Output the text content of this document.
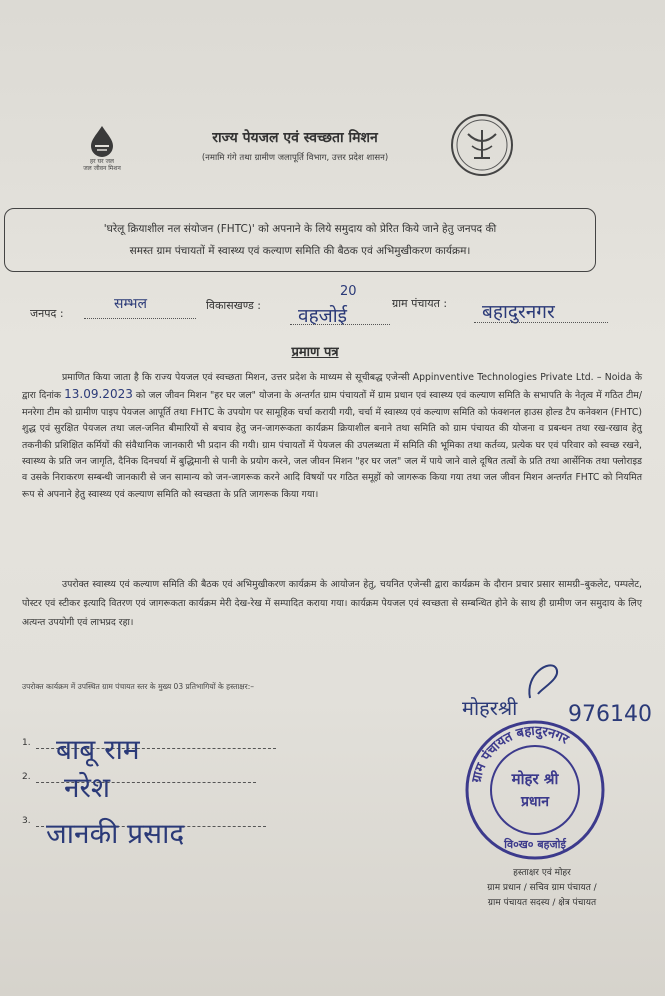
हर घर जल
जल जीवन मिशन
राज्य पेयजल एवं स्वच्छता मिशन
(नमामि गंगे तथा ग्रामीण जलापूर्ति विभाग, उत्तर प्रदेश शासन)
'घरेलू क्रियाशील नल संयोजन (FHTC)' को अपनाने के लिये समुदाय को प्रेरित किये जाने हेतु जनपद की
समस्त ग्राम पंचायतों में स्वास्थ्य एवं कल्याण समिति की बैठक एवं अभिमुखीकरण कार्यक्रम।
जनपद :
सम्भल	विकासखण्ड :
20
वहजोई
ग्राम पंचायत : बहादुरनगर
प्रमाण पत्र
प्रमाणित किया जाता है कि राज्य पेयजल एवं स्वच्छता मिशन, उत्तर प्रदेश के माध्यम से सूचीबद्ध एजेन्सी Appinventive Technologies Private Ltd. – Noida के द्वारा दिनांक 13.09.2023 को जल जीवन मिशन "हर घर जल" योजना के अन्तर्गत ग्राम पंचायतों में ग्राम प्रधान एवं स्वास्थ्य एवं कल्याण समिति के सभापति के नेतृत्व में गठित टीम/मनरेगा टीम को ग्रामीण पाइप पेयजल आपूर्ति तथा FHTC के उपयोग पर सामूहिक चर्चा करायी गयी, चर्चा में स्वास्थ्य एवं कल्याण समिति को फंक्शनल हाउस होल्ड टैप कनेक्शन (FHTC) शुद्ध एवं सुरक्षित पेयजल तथा जल-जनित बीमारियों से बचाव हेतु जन-जागरूकता कार्यक्रम क्रियाशील बनाने तथा समिति को ग्राम पंचायत की योजना व प्रबन्धन तथा रख-रखाव हेतु तकनीकी प्रशिक्षित कर्मियों की संवैधानिक जानकारी भी प्रदान की गयी। ग्राम पंचायतों में पेयजल की उपलब्धता में समिति की भूमिका तथा कर्तव्य, प्रत्येक घर एवं परिवार को स्वच्छ रखने, स्वास्थ्य के प्रति जन जागृति, दैनिक दिनचर्या में बुद्धिमानी से पानी के प्रयोग करने, जल जीवन मिशन "हर घर जल" जल में पाये जाने वाले दूषित तत्वों के प्रति तथा आर्सेनिक तथा फ्लोराइड व उसके निराकरण सम्बन्धी जानकारी से जन सामान्य को जन-जागरूक करने आदि विषयों पर गठित समूहों को जागरूक किया गया तथा जल जीवन मिशन अन्तर्गत FHTC को नियमित रूप से अपनाने हेतु स्वास्थ्य एवं कल्याण समिति को स्वच्छता के प्रति जागरूक किया गया।
उपरोक्त स्वास्थ्य एवं कल्याण समिति की बैठक एवं अभिमुखीकरण कार्यक्रम के आयोजन हेतु, चयनित एजेन्सी द्वारा कार्यक्रम के दौरान प्रचार प्रसार सामग्री–बुकलेट, पम्पलेट, पोस्टर एवं स्टीकर इत्यादि वितरण एवं जागरूकता कार्यक्रम मेरी देख-रेख में सम्पादित कराया गया। कार्यक्रम पेयजल एवं स्वच्छता से सम्बन्धित होने के साथ ही ग्रामीण जन समुदाय के लिए अत्यन्त उपयोगी एवं लाभप्रद रहा।
उपरोक्त कार्यक्रम में उपस्थित ग्राम पंचायत स्तर के मुख्य 03 प्रतिभागियों के हस्ताक्षर:–
1. बाबू राम
2. नरेश
3. जानकी प्रसाद
मोहरश्री 976140
ग्राम पंचायत बहादुरनगर
मोहर श्री
प्रधान
वि०ख० बहजोई
हस्ताक्षर एवं मोहर
ग्राम प्रधान / सचिव ग्राम पंचायत /
ग्राम पंचायत सदस्य / क्षेत्र पंचायत
